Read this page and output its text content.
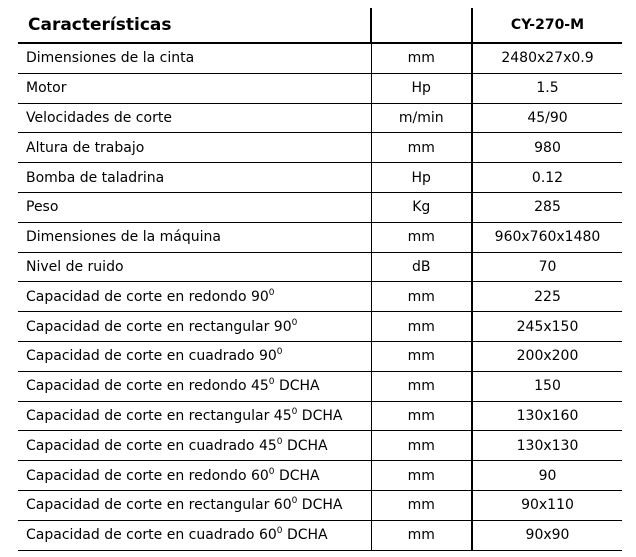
Características		CY-270-M
Dimensiones de la cinta	mm	2480x27x0.9
Motor	Hp	1.5
Velocidades de corte	m/min	45/90
Altura de trabajo	mm	980
Bomba de taladrina	Hp	0.12
Peso	Kg	285
Dimensiones de la máquina	mm	960x760x1480
Nivel de ruido	dB	70
Capacidad de corte en redondo $90^0$	mm	225
Capacidad de corte en rectangular $90^0$	mm	245x150
Capacidad de corte en cuadrado $90^0$	mm	200x200
Capacidad de corte en redondo $45^0$ DCHA	mm	150
Capacidad de corte en rectangular $45^0$ DCHA	mm	130x160
Capacidad de corte en cuadrado $45^0$ DCHA	mm	130x130
Capacidad de corte en redondo $60^0$ DCHA	mm	90
Capacidad de corte en rectangular $60^0$ DCHA	mm	90x110
Capacidad de corte en cuadrado $60^0$ DCHA	mm	90x90
